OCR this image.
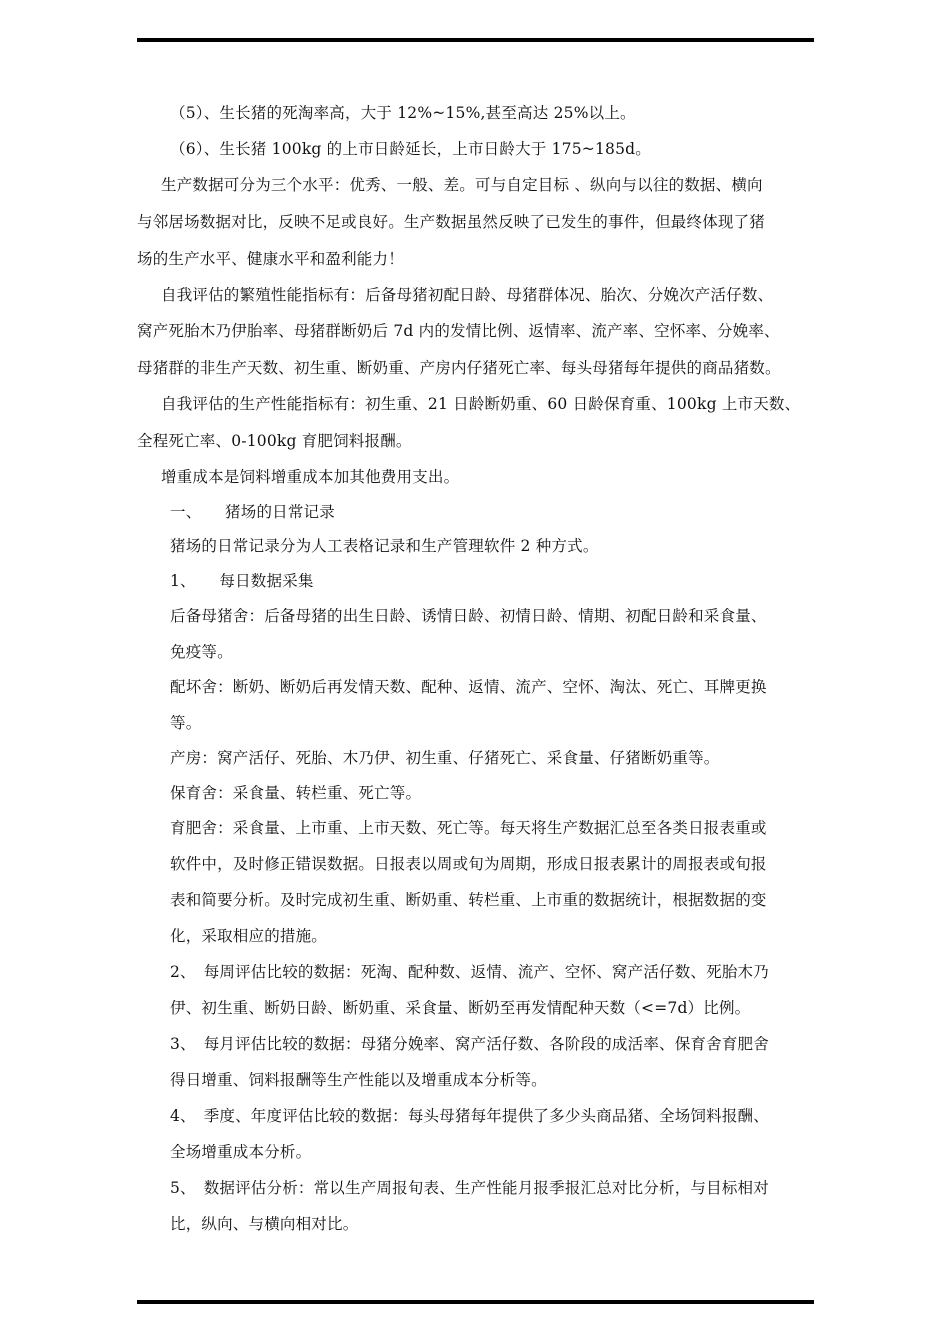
（5）、生长猪的死淘率高，大于 12%~15%,甚至高达 25%以上。
（6）、生长猪 100kg 的上市日龄延长，上市日龄大于 175~185d。
生产数据可分为三个水平：优秀、一般、差。可与自定目标 、纵向与以往的数据、横向
与邻居场数据对比，反映不足或良好。生产数据虽然反映了已发生的事件，但最终体现了猪
场的生产水平、健康水平和盈利能力！
自我评估的繁殖性能指标有：后备母猪初配日龄、母猪群体况、胎次、分娩次产活仔数、
窝产死胎木乃伊胎率、母猪群断奶后 7d 内的发情比例、返情率、流产率、空怀率、分娩率、
母猪群的非生产天数、初生重、断奶重、产房内仔猪死亡率、每头母猪每年提供的商品猪数。
自我评估的生产性能指标有：初生重、21 日龄断奶重、60 日龄保育重、100kg 上市天数、
全程死亡率、0-100kg 育肥饲料报酬。
增重成本是饲料增重成本加其他费用支出。
一、　　猪场的日常记录
猪场的日常记录分为人工表格记录和生产管理软件 2 种方式。
1、　　每日数据采集
后备母猪舍：后备母猪的出生日龄、诱情日龄、初情日龄、情期、初配日龄和采食量、
免疫等。
配坏舍：断奶、断奶后再发情天数、配种、返情、流产、空怀、淘汰、死亡、耳牌更换
等。
产房：窝产活仔、死胎、木乃伊、初生重、仔猪死亡、采食量、仔猪断奶重等。
保育舍：采食量、转栏重、死亡等。
育肥舍：采食量、上市重、上市天数、死亡等。每天将生产数据汇总至各类日报表重或
软件中，及时修正错误数据。日报表以周或旬为周期，形成日报表累计的周报表或旬报
表和简要分析。及时完成初生重、断奶重、转栏重、上市重的数据统计，根据数据的变
化，采取相应的措施。
2、　每周评估比较的数据：死淘、配种数、返情、流产、空怀、窝产活仔数、死胎木乃
伊、初生重、断奶日龄、断奶重、采食量、断奶至再发情配种天数（<=7d）比例。
3、　每月评估比较的数据：母猪分娩率、窝产活仔数、各阶段的成活率、保育舍育肥舍
得日增重、饲料报酬等生产性能以及增重成本分析等。
4、　季度、年度评估比较的数据：每头母猪每年提供了多少头商品猪、全场饲料报酬、
全场增重成本分析。
5、　数据评估分析：常以生产周报旬表、生产性能月报季报汇总对比分析，与目标相对
比，纵向、与横向相对比。
